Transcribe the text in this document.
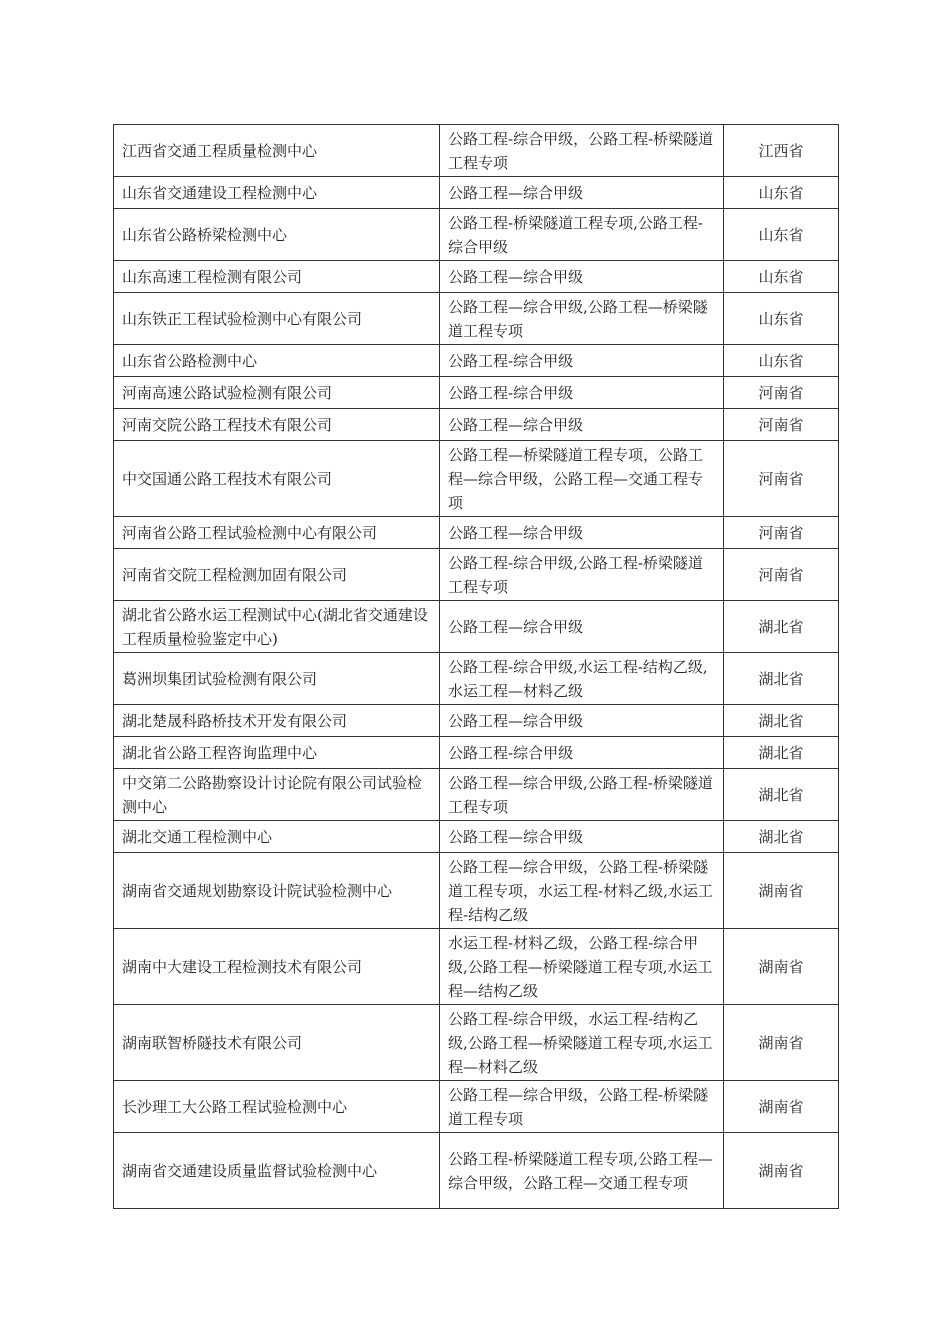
江西省交通工程质量检测中心	公路工程-综合甲级，公路工程-桥梁隧道工程专项	江西省
山东省交通建设工程检测中心	公路工程—综合甲级	山东省
山东省公路桥梁检测中心	公路工程-桥梁隧道工程专项,公路工程-综合甲级	山东省
山东高速工程检测有限公司	公路工程—综合甲级	山东省
山东铁正工程试验检测中心有限公司	公路工程—综合甲级,公路工程—桥梁隧道工程专项	山东省
山东省公路检测中心	公路工程-综合甲级	山东省
河南高速公路试验检测有限公司	公路工程-综合甲级	河南省
河南交院公路工程技术有限公司	公路工程—综合甲级	河南省
中交国通公路工程技术有限公司	公路工程—桥梁隧道工程专项，公路工程—综合甲级，公路工程—交通工程专项	河南省
河南省公路工程试验检测中心有限公司	公路工程—综合甲级	河南省
河南省交院工程检测加固有限公司	公路工程-综合甲级,公路工程-桥梁隧道工程专项	河南省
湖北省公路水运工程测试中心(湖北省交通建设工程质量检验鉴定中心)	公路工程—综合甲级	湖北省
葛洲坝集团试验检测有限公司	公路工程-综合甲级,水运工程-结构乙级,水运工程—材料乙级	湖北省
湖北楚晟科路桥技术开发有限公司	公路工程—综合甲级	湖北省
湖北省公路工程咨询监理中心	公路工程-综合甲级	湖北省
中交第二公路勘察设计讨论院有限公司试验检测中心	公路工程—综合甲级,公路工程-桥梁隧道工程专项	湖北省
湖北交通工程检测中心	公路工程—综合甲级	湖北省
湖南省交通规划勘察设计院试验检测中心	公路工程—综合甲级，公路工程-桥梁隧道工程专项，水运工程-材料乙级,水运工程-结构乙级	湖南省
湖南中大建设工程检测技术有限公司	水运工程-材料乙级，公路工程-综合甲级,公路工程—桥梁隧道工程专项,水运工程—结构乙级	湖南省
湖南联智桥隧技术有限公司	公路工程-综合甲级，水运工程-结构乙级,公路工程—桥梁隧道工程专项,水运工程—材料乙级	湖南省
长沙理工大公路工程试验检测中心	公路工程—综合甲级，公路工程-桥梁隧道工程专项	湖南省
湖南省交通建设质量监督试验检测中心	公路工程-桥梁隧道工程专项,公路工程—综合甲级，公路工程—交通工程专项	湖南省
